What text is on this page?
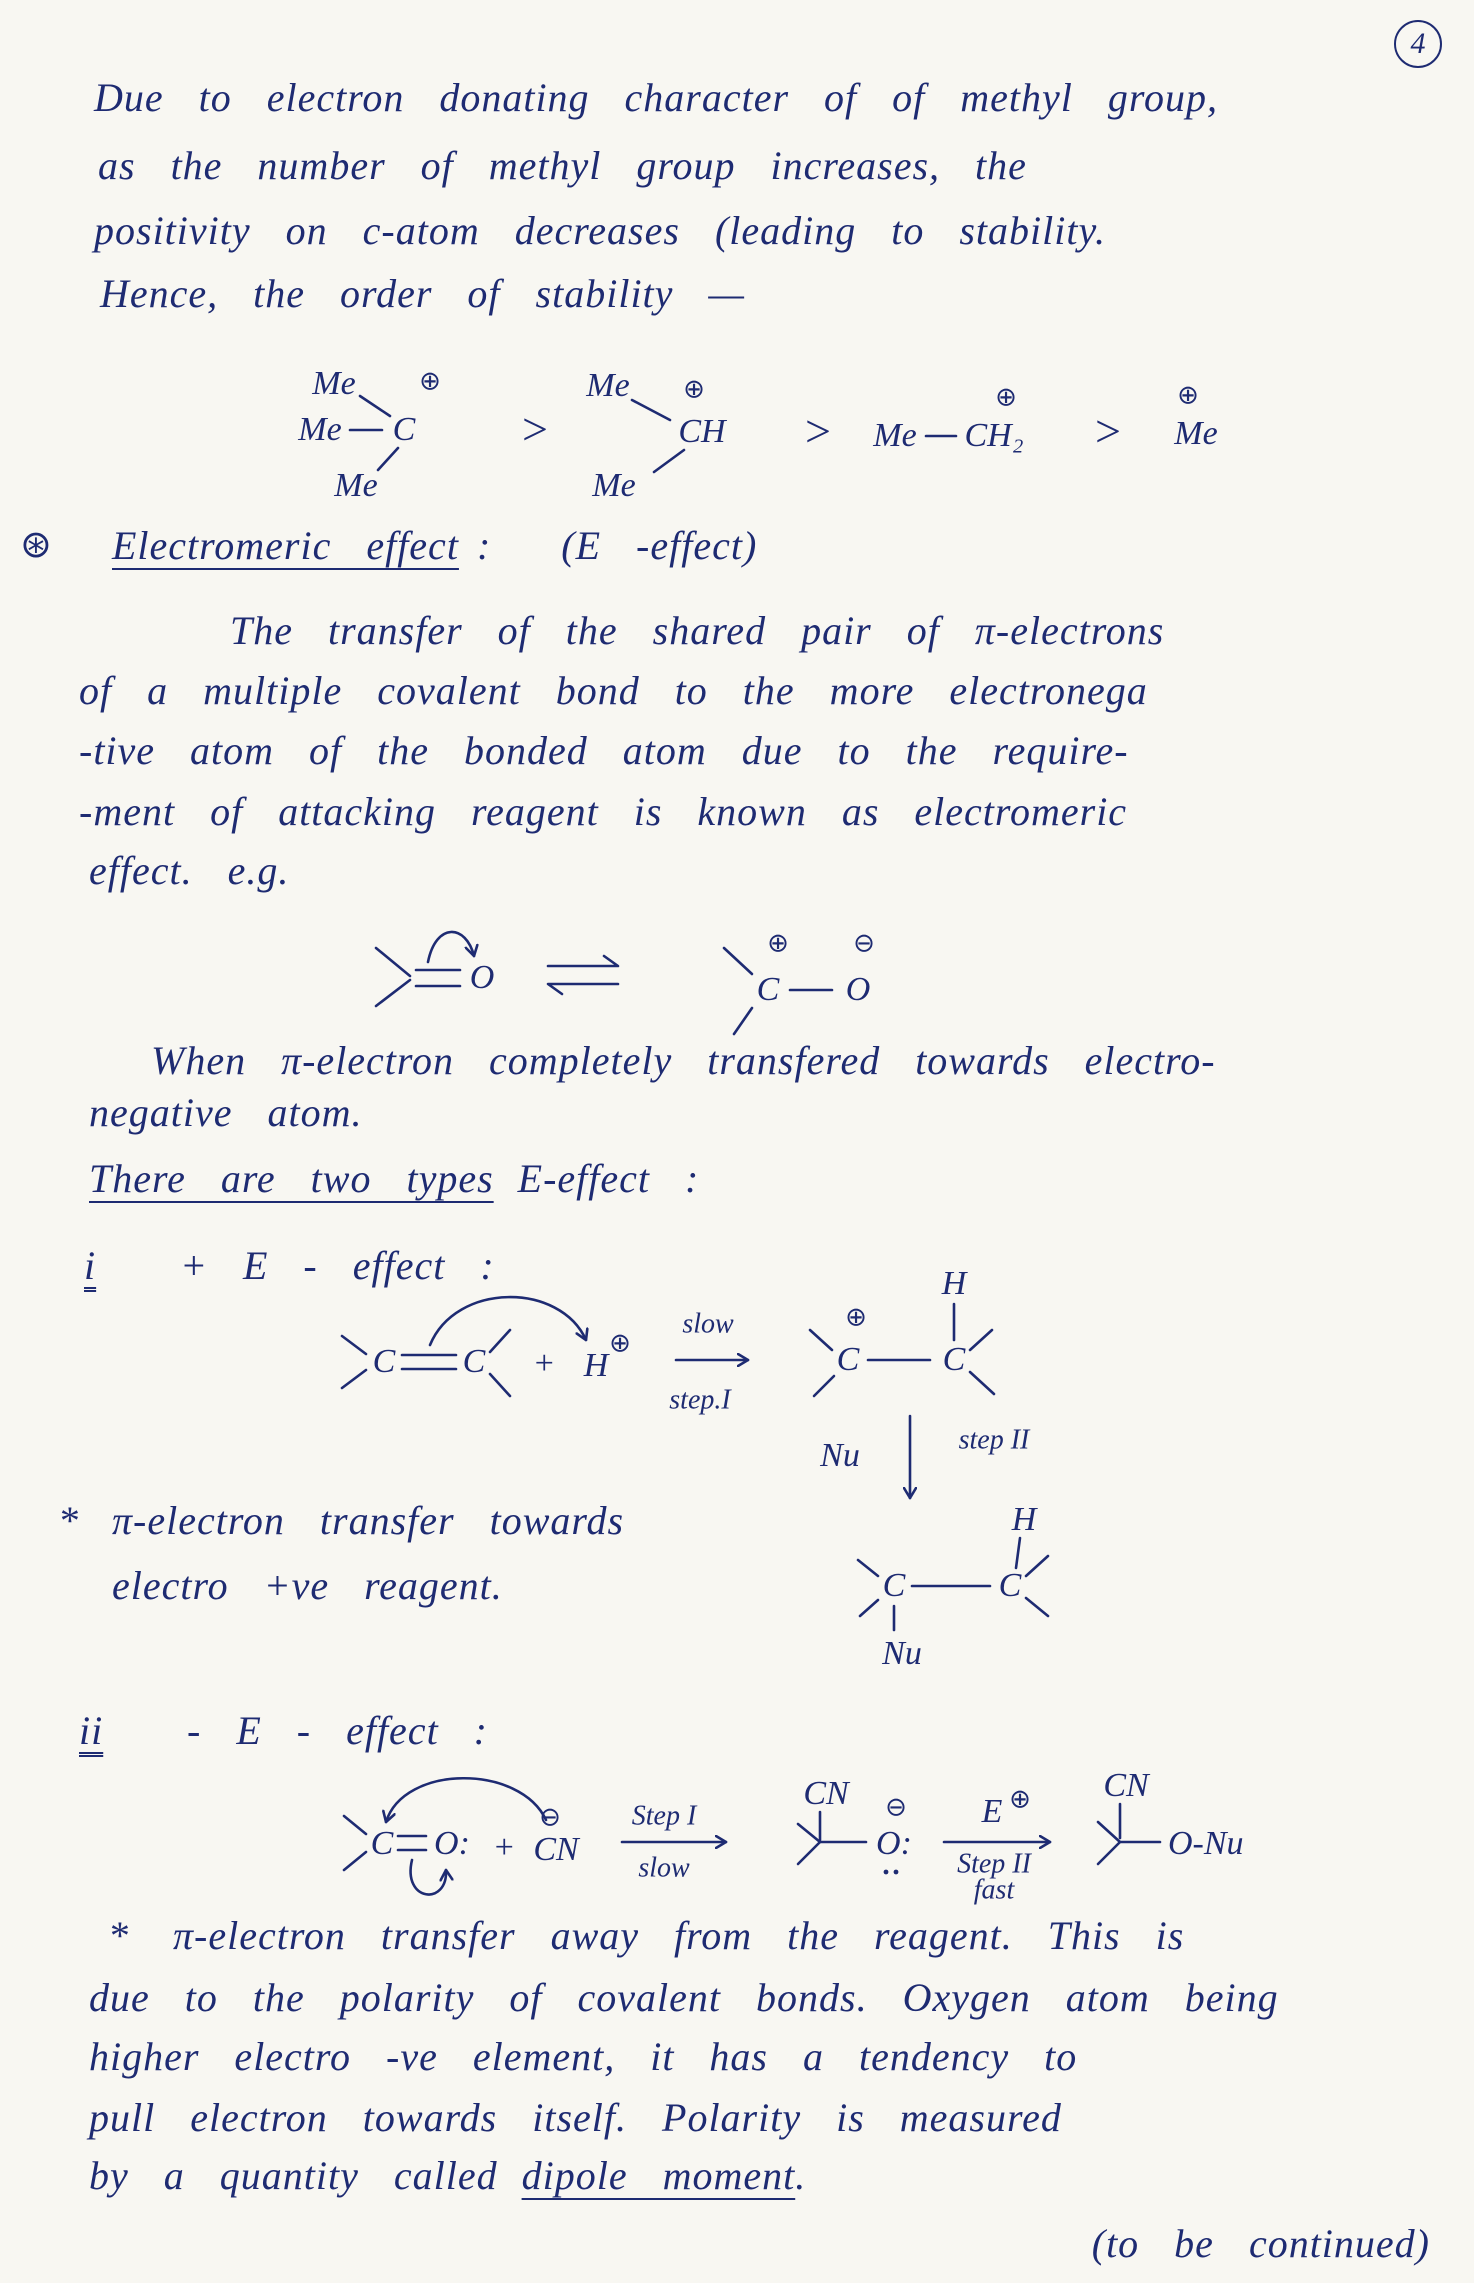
4
Due to electron donating character of of methyl group,
as the number of methyl group increases, the
positivity on c-atom decreases (leading to stability.
Hence, the order of stability —
⊛ Electromeric effect : (E -effect)
The transfer of the shared pair of π-electrons
of a multiple covalent bond to the more electronega
-tive atom of the bonded atom due to the require-
-ment of attacking reagent is known as electromeric
effect. e.g.
When π-electron completely transfered towards electro-
negative atom.
There are two types E-effect :
i + E - effect :
* π-electron transfer towards
electro +ve reagent.
ii - E - effect :
* π-electron transfer away from the reagent. This is
due to the polarity of covalent bonds. Oxygen atom being
higher electro -ve element, it has a tendency to
pull electron towards itself. Polarity is measured
by a quantity called dipole moment.
(to be continued)
Me ⊕
Me C
Me
>
Me ⊕
CH
Me
> Me CH₂
⊕
>
⊕
Me
O
⊕
C O
⊖
C C + H
⊕
slow
step.I
⊕
C C
H
Nu	step II
H
C	C
Nu
C O: +
⊖
CN
Step I
slow
CN
O:
⊖ E ⊕
Step II
fast
CN
O-Nu
